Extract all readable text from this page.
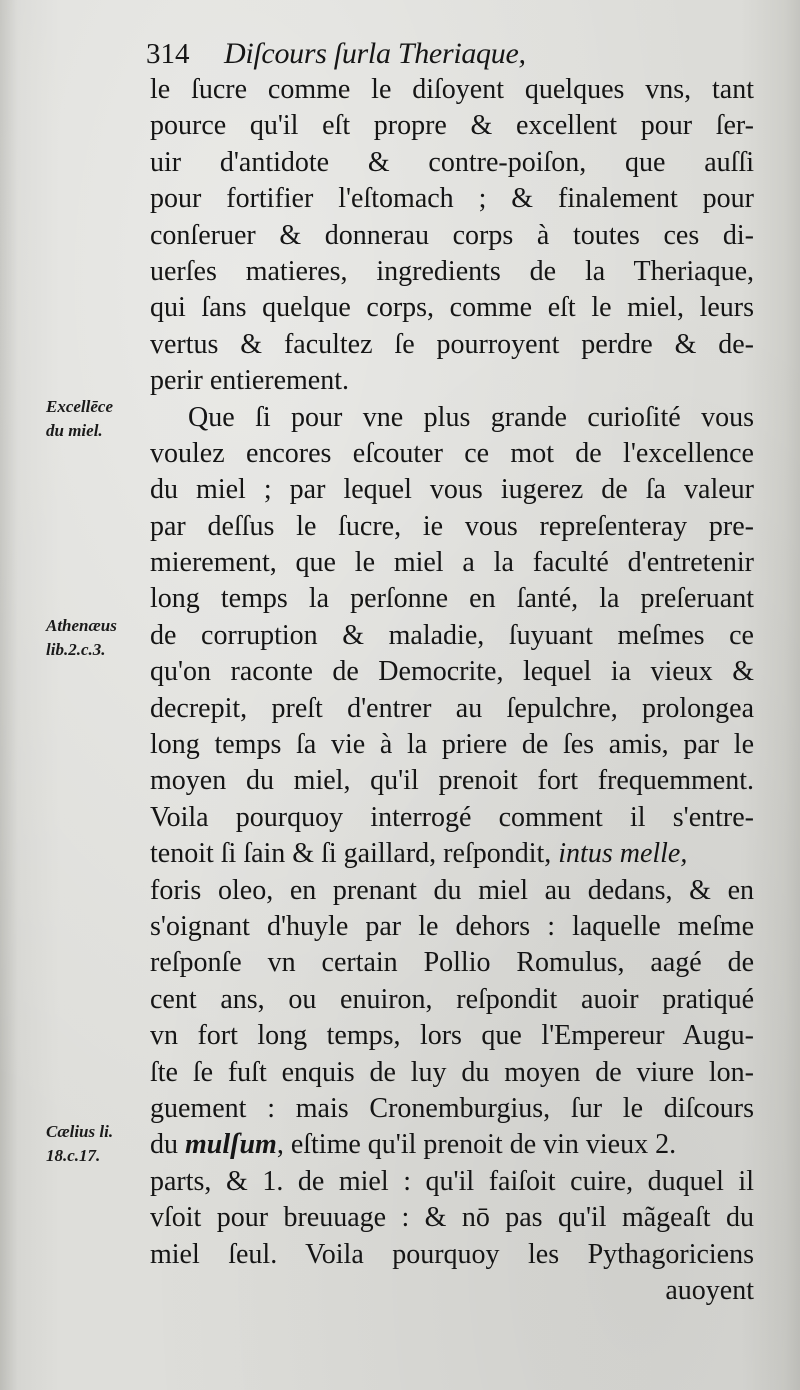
314 Diſcours ſurla Theriaque,

Excellēce
du miel.
Athenæus
lib.2.c.3.
Cælius li.
18.c.17.
le ſucre comme le diſoyent quelques vns, tant
pource qu'il eſt propre & excellent pour ſer-
uir d'antidote & contre-poiſon, que auſſi
pour fortifier l'eſtomach ; & finalement pour
conſeruer & donnerau corps à toutes ces di-
uerſes matieres, ingredients de la Theriaque,
qui ſans quelque corps, comme eſt le miel, leurs
vertus & facultez ſe pourroyent perdre & de-
perir entierement.
Que ſi pour vne plus grande curioſité vous
voulez encores eſcouter ce mot de l'excellence
du miel ; par lequel vous iugerez de ſa valeur
par deſſus le ſucre, ie vous repreſenteray pre-
mierement, que le miel a la faculté d'entretenir
long temps la perſonne en ſanté, la preſeruant
de corruption & maladie, ſuyuant meſmes ce
qu'on raconte de Democrite, lequel ia vieux &
decrepit, preſt d'entrer au ſepulchre, prolongea
long temps ſa vie à la priere de ſes amis, par le
moyen du miel, qu'il prenoit fort frequemment.
Voila pourquoy interrogé comment il s'entre-
tenoit ſi ſain & ſi gaillard, reſpondit, intus melle,
foris oleo, en prenant du miel au dedans, & en
s'oignant d'huyle par le dehors : laquelle meſme
reſponſe vn certain Pollio Romulus, aagé de
cent ans, ou enuiron, reſpondit auoir pratiqué
vn fort long temps, lors que l'Empereur Augu-
ſte ſe fuſt enquis de luy du moyen de viure lon-
guement : mais Cronemburgius, ſur le diſcours
du mulſum, eſtime qu'il prenoit de vin vieux 2.
parts, & 1. de miel : qu'il faiſoit cuire, duquel il
vſoit pour breuuage : & nō pas qu'il mãgeaſt du
miel ſeul. Voila pourquoy les Pythagoriciens
auoyent
